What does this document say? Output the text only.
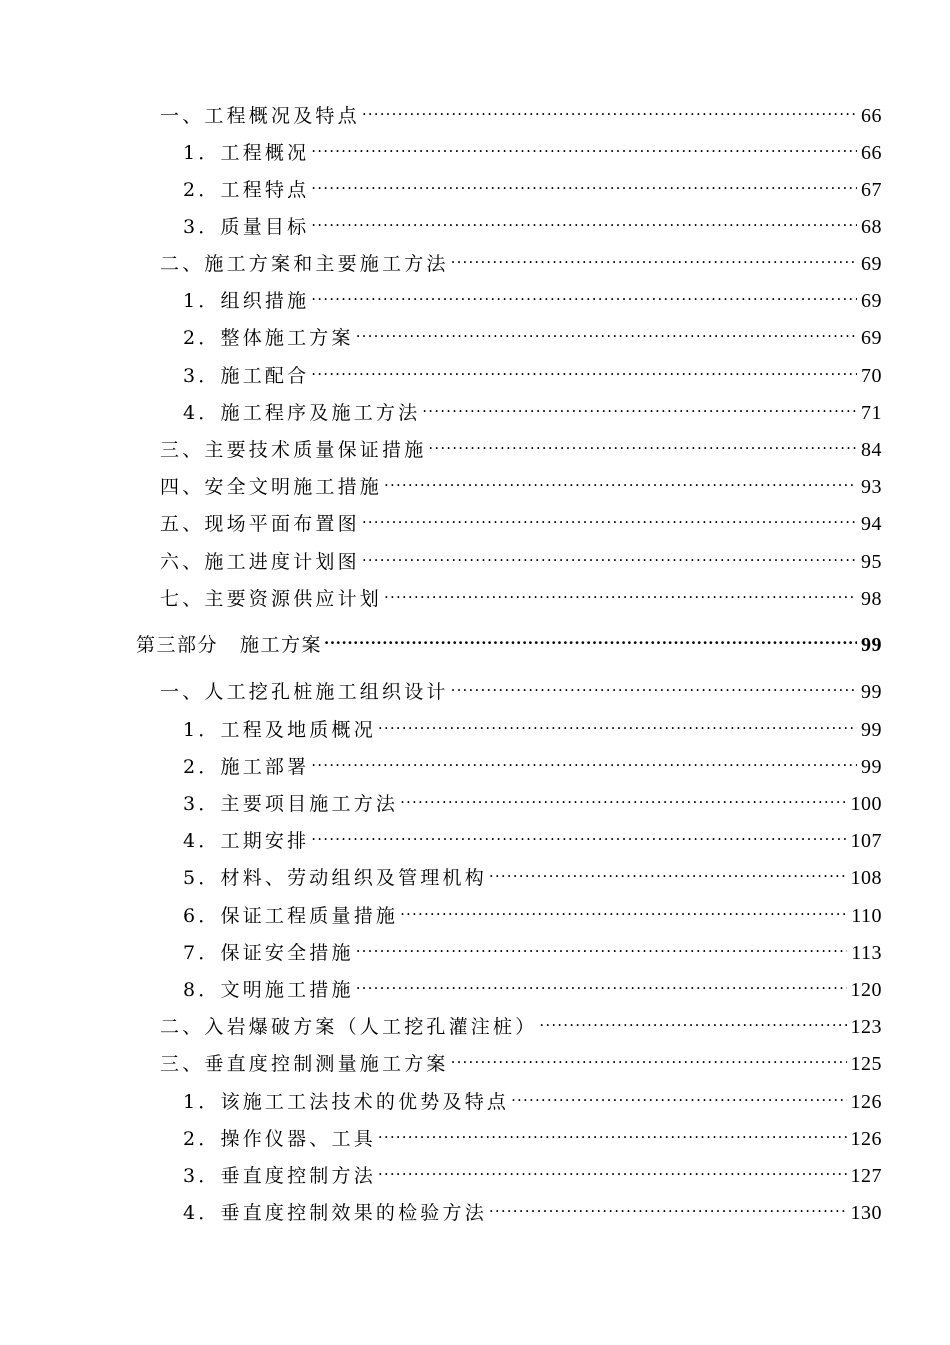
一、工程概况及特点 .....	66
1．工程概况 .....	66
2．工程特点 .....	67
3．质量目标 .....	68
二、施工方案和主要施工方法 .....	69
1．组织措施 .....	69
2．整体施工方案 .....	69
3．施工配合 .....	70
4．施工程序及施工方法 .....	71
三、主要技术质量保证措施 .....	84
四、安全文明施工措施 .....	93
五、现场平面布置图 .....	94
六、施工进度计划图 .....	95
七、主要资源供应计划 .....	98
第三部分 施工方案 .....	99
一、人工挖孔桩施工组织设计 .....	99
1．工程及地质概况 .....	99
2．施工部署 .....	99
3．主要项目施工方法 .....	100
4．工期安排 .....	107
5．材料、劳动组织及管理机构 .....	108
6．保证工程质量措施 .....	110
7．保证安全措施 .....	113
8．文明施工措施 .....	120
二、入岩爆破方案（人工挖孔灌注桩） .....	123
三、垂直度控制测量施工方案 .....	125
1．该施工工法技术的优势及特点 .....	126
2．操作仪器、工具 .....	126
3．垂直度控制方法 .....	127
4．垂直度控制效果的检验方法 .....	130
